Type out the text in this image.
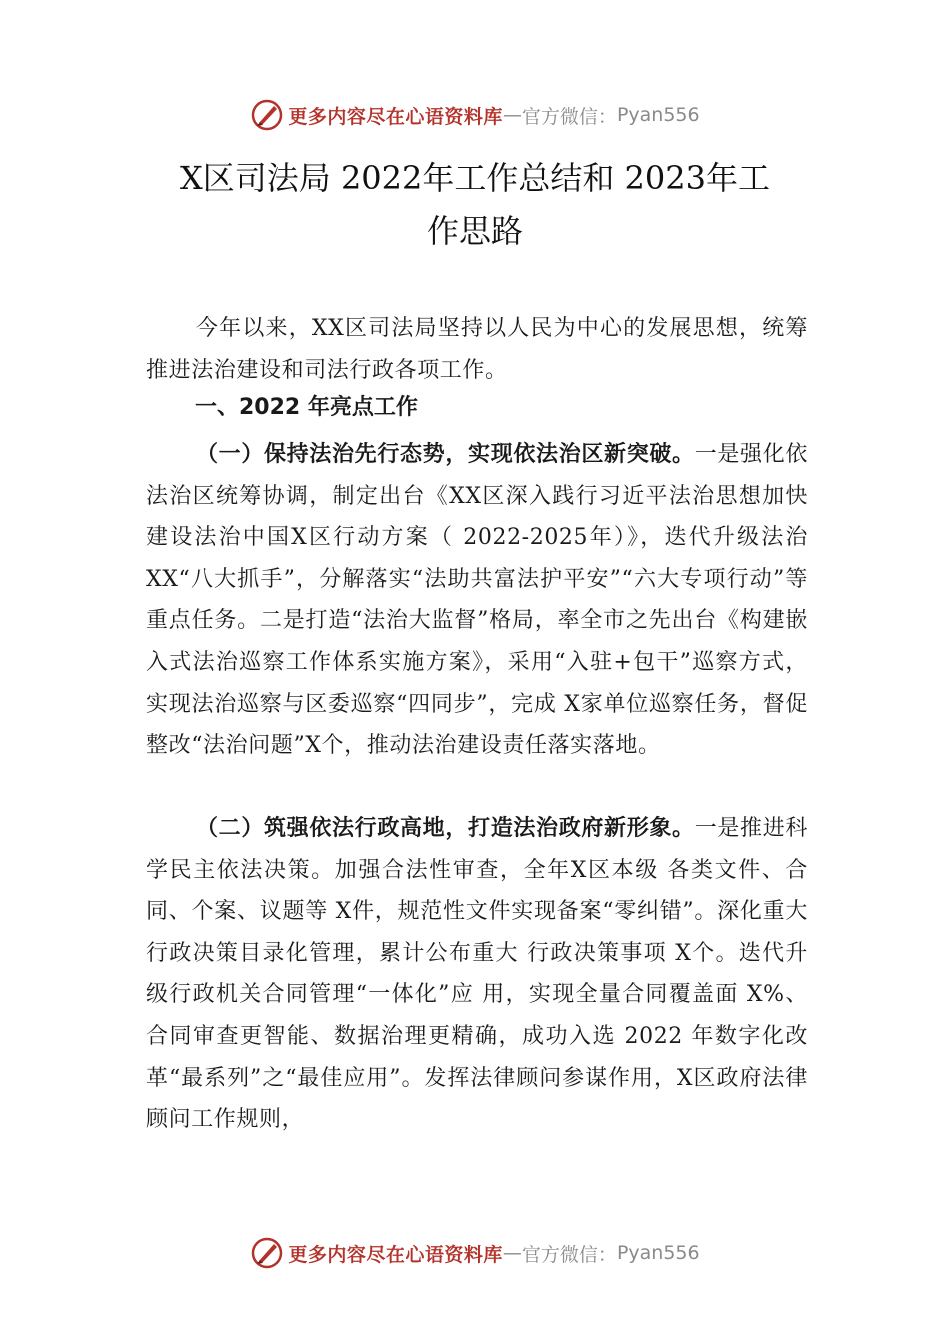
更多内容尽在心语资料库 — 官方微信： Pyan556
X区司法局 2022年工作总结和 2023年工
作思路
今年以来，XX区司法局坚持以人民为中心的发展思想，统筹推进法治建设和司法行政各项工作。
一、2022 年亮点工作
（一）保持法治先行态势，实现依法治区新突破。一是强化依法治区统筹协调，制定出台《XX区深入践行习近平法治思想加快建设法治中国X区行动方案（ 2022-2025年）》，迭代升级法治 XX“八大抓手”，分解落实“法助共富法护平安”“六大专项行动”等重点任务。二是打造“法治大监督”格局，率全市之先出台《构建嵌入式法治巡察工作体系实施方案》，采用“入驻+包干”巡察方式，实现法治巡察与区委巡察“四同步”，完成 X家单位巡察任务，督促整改“法治问题”X个，推动法治建设责任落实落地。
（二）筑强依法行政高地，打造法治政府新形象。一是推进科学民主依法决策。加强合法性审查，全年X区本级 各类文件、合同、个案、议题等 X件，规范性文件实现备案“零纠错”。深化重大行政决策目录化管理，累计公布重大 行政决策事项 X个。迭代升级行政机关合同管理“一体化”应 用，实现全量合同覆盖面 X%、合同审查更智能、数据治理更精确，成功入选 2022 年数字化改革“最系列”之“最佳应用”。发挥法律顾问参谋作用，X区政府法律顾问工作规则，
更多内容尽在心语资料库 — 官方微信： Pyan556
